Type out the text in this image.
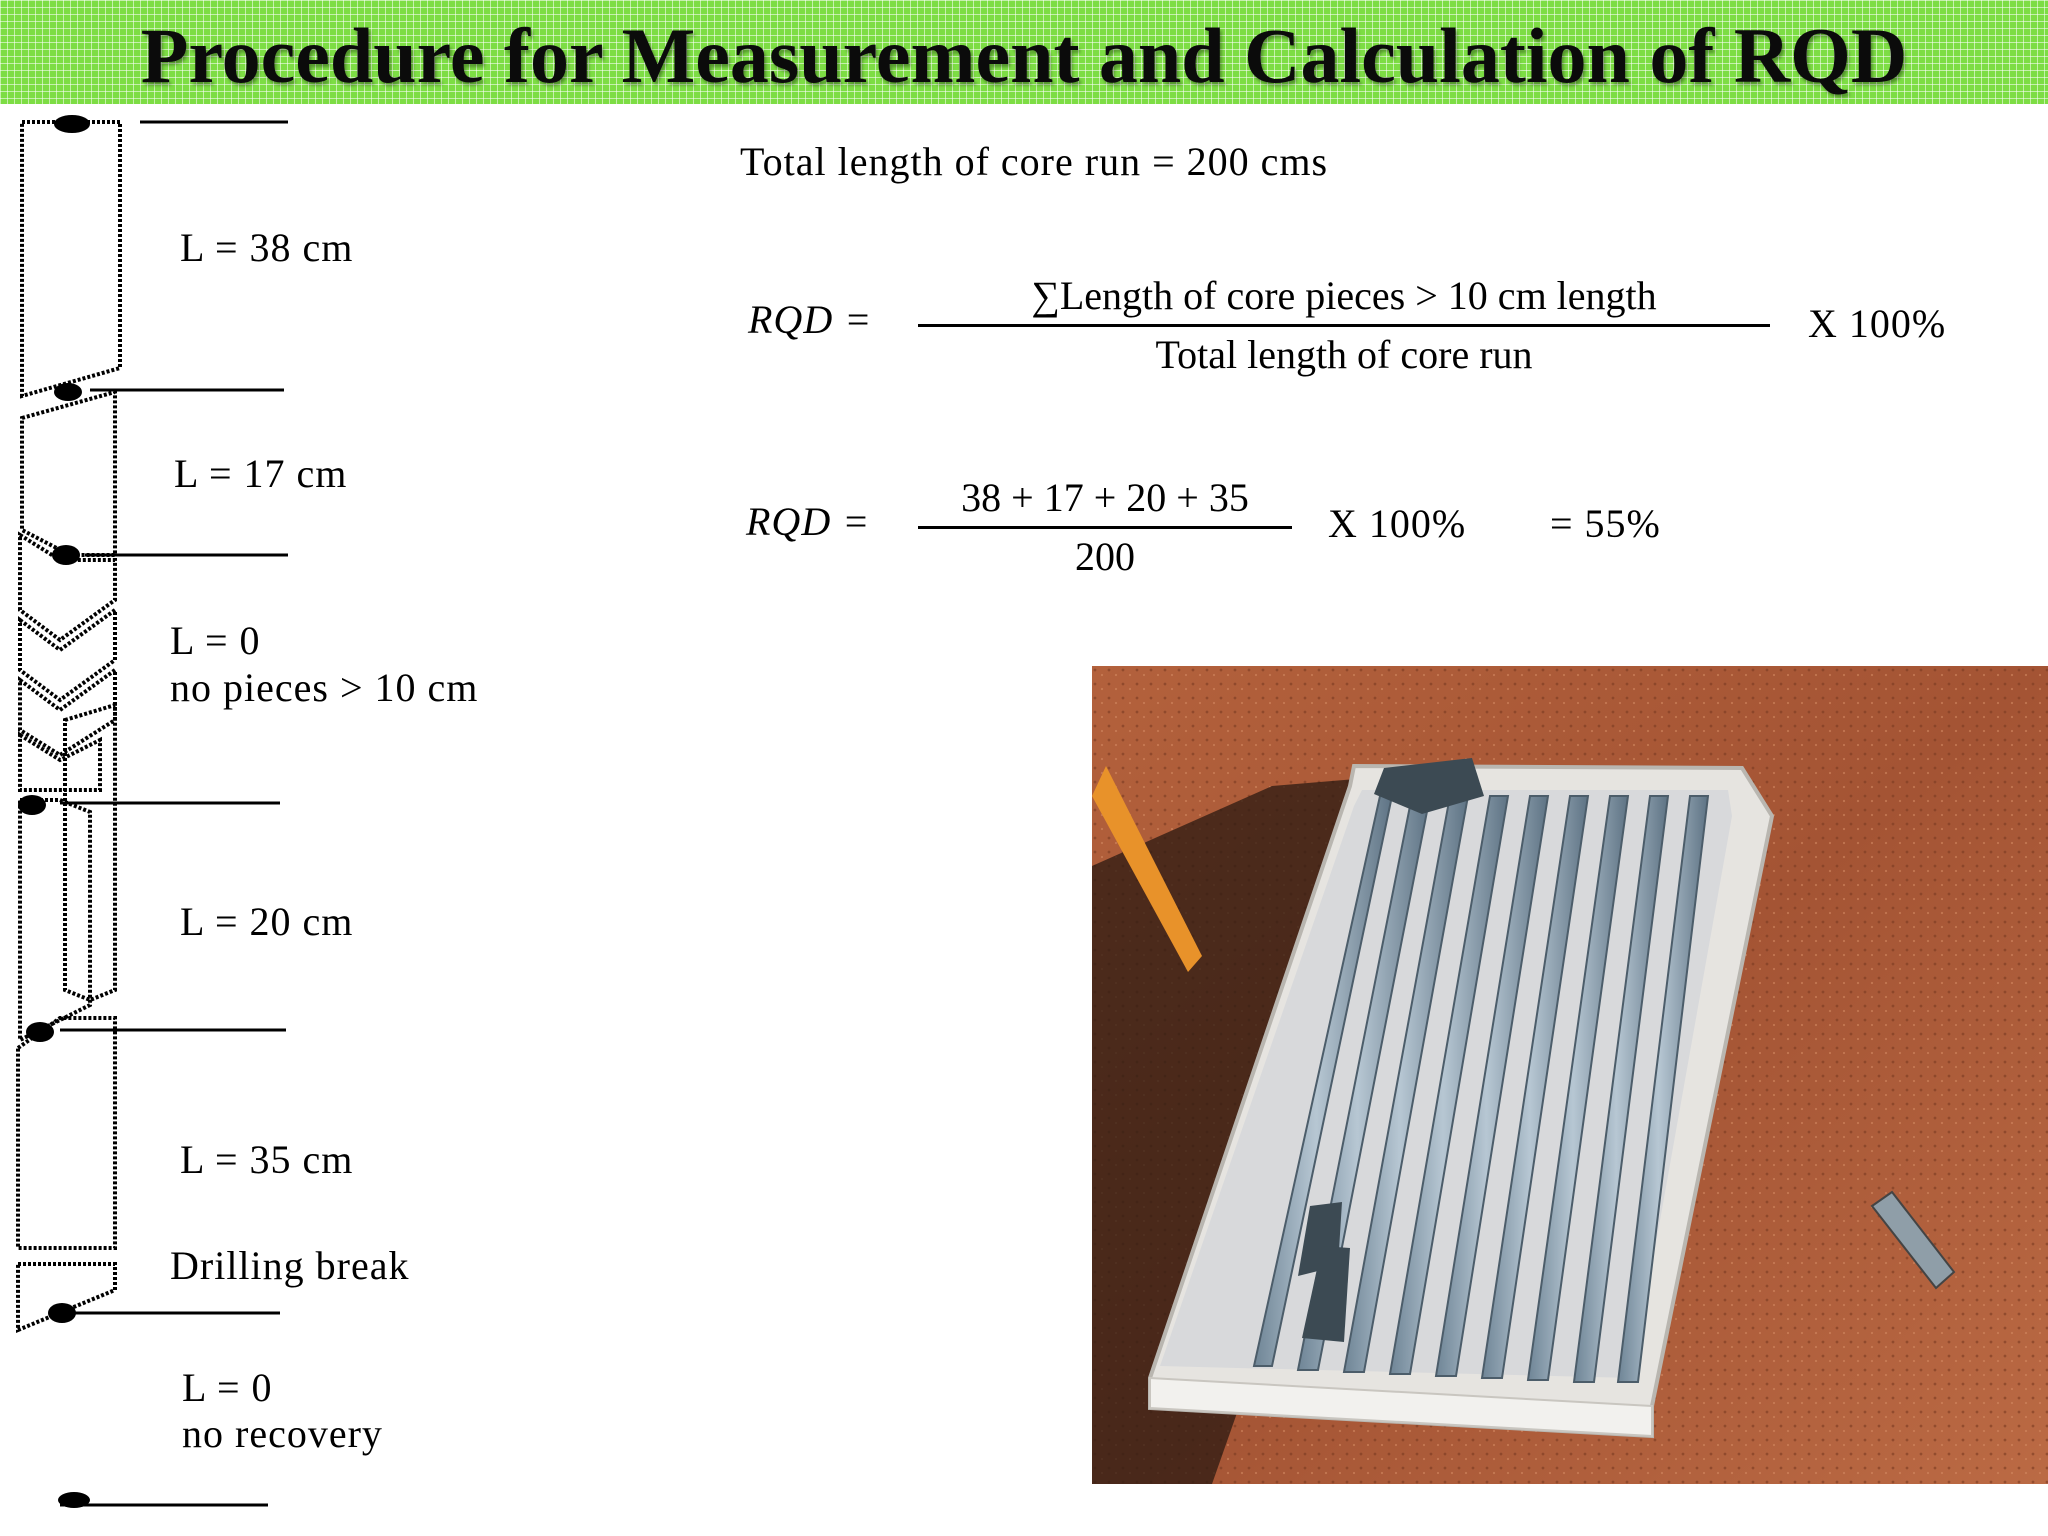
Procedure for Measurement and Calculation of RQD
L = 38 cm
L = 17 cm
L = 0
no pieces > 10 cm
L = 20 cm
L = 35 cm
Drilling break
L = 0
no recovery
Total length of core run = 200 cms
RQD =
∑Length of core pieces > 10 cm length
Total length of core run
X 100%
RQD =
38 + 17 + 20 + 35
200
X 100% = 55%
